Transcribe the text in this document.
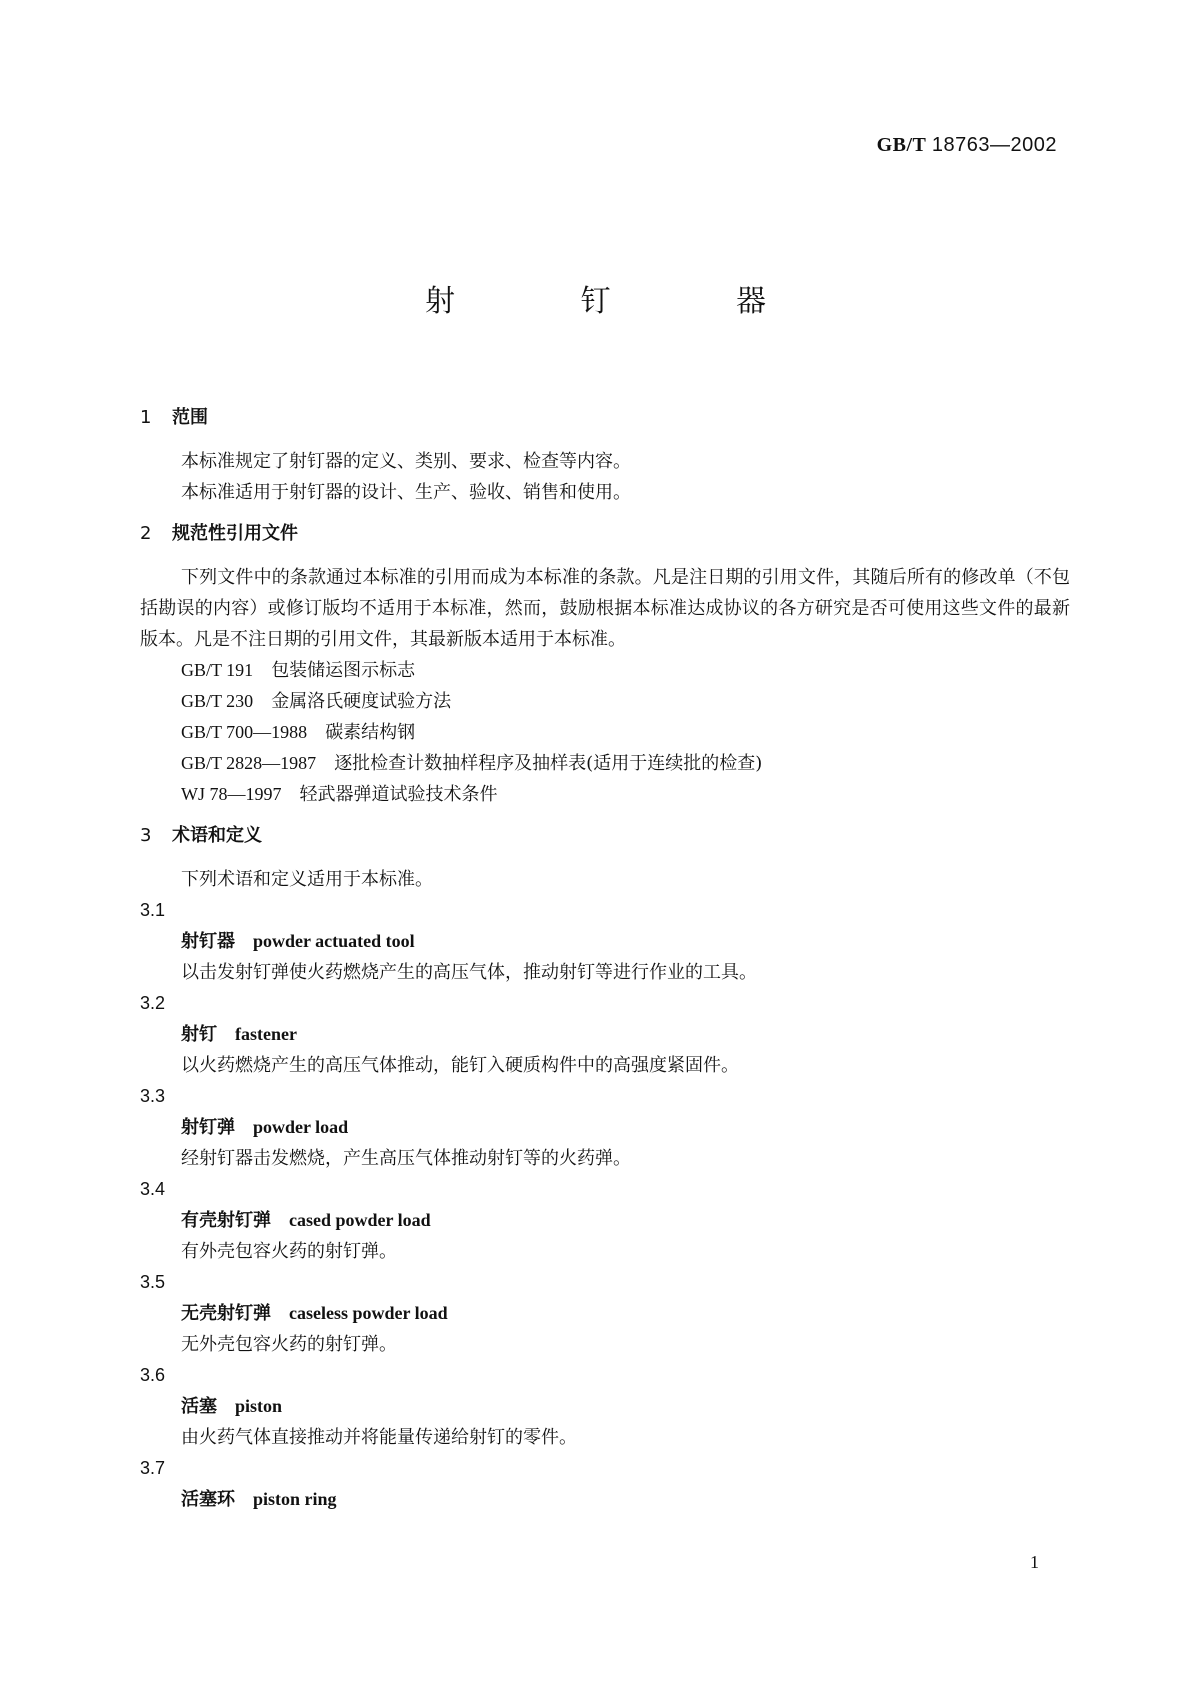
GB/T 18763—2002
射 钉 器
1 范围
本标准规定了射钉器的定义、类别、要求、检查等内容。
本标准适用于射钉器的设计、生产、验收、销售和使用。
2 规范性引用文件
下列文件中的条款通过本标准的引用而成为本标准的条款。凡是注日期的引用文件，其随后所有的修改单（不包括勘误的内容）或修订版均不适用于本标准，然而，鼓励根据本标准达成协议的各方研究是否可使用这些文件的最新版本。凡是不注日期的引用文件，其最新版本适用于本标准。
GB/T 191 包装储运图示标志
GB/T 230 金属洛氏硬度试验方法
GB/T 700—1988 碳素结构钢
GB/T 2828—1987 逐批检查计数抽样程序及抽样表(适用于连续批的检查)
WJ 78—1997 轻武器弹道试验技术条件
3 术语和定义
下列术语和定义适用于本标准。
3.1
射钉器 powder actuated tool
以击发射钉弹使火药燃烧产生的高压气体，推动射钉等进行作业的工具。
3.2
射钉 fastener
以火药燃烧产生的高压气体推动，能钉入硬质构件中的高强度紧固件。
3.3
射钉弹 powder load
经射钉器击发燃烧，产生高压气体推动射钉等的火药弹。
3.4
有壳射钉弹 cased powder load
有外壳包容火药的射钉弹。
3.5
无壳射钉弹 caseless powder load
无外壳包容火药的射钉弹。
3.6
活塞 piston
由火药气体直接推动并将能量传递给射钉的零件。
3.7
活塞环 piston ring
1
